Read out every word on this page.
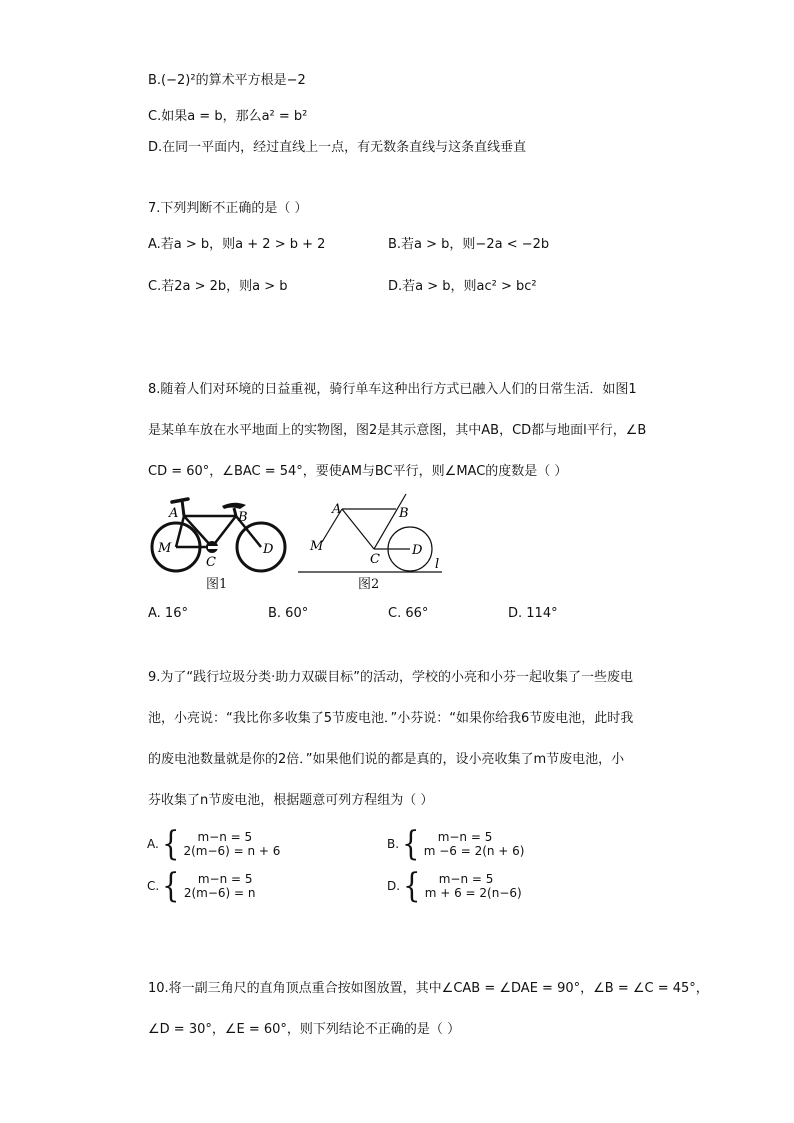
B.(−2)²的算术平方根是−2
C.如果a = b，那么a² = b²
D.在同一平面内，经过直线上一点，有无数条直线与这条直线垂直
7.下列判断不正确的是（ ）
A.若a > b，则a + 2 > b + 2	B.若a > b，则−2a < −2b
C.若2a > 2b，则a > b	D.若a > b，则ac² > bc²
8.随着人们对环境的日益重视，骑行单车这种出行方式已融入人们的日常生活．如图1
是某单车放在水平地面上的实物图，图2是其示意图，其中AB，CD都与地面l平行，∠B
CD = 60°，∠BAC = 54°，要使AM与BC平行，则∠MAC的度数是（ ）
A	B
C
D
M
图1
A	B
C
D
M
l
图2
A. 16°	B. 60°	C. 66°	D. 114°
9.为了“践行垃圾分类·助力双碳目标”的活动，学校的小亮和小芬一起收集了一些废电
池，小亮说：“我比你多收集了5节废电池．”小芬说：“如果你给我6节废电池，此时我
的废电池数量就是你的2倍．”如果他们说的都是真的，设小亮收集了m节废电池，小
芬收集了n节废电池，根据题意可列方程组为（ ）
A. {	m−n = 5
2(m−6) = n + 6	B. {	m−n = 5
m −6 = 2(n + 6)
C. {	m−n = 5
2(m−6) = n	D. {	m−n = 5
m + 6 = 2(n−6)
10.将一副三角尺的直角顶点重合按如图放置，其中∠CAB = ∠DAE = 90°，∠B = ∠C = 45°，
∠D = 30°，∠E = 60°，则下列结论不正确的是（ ）
